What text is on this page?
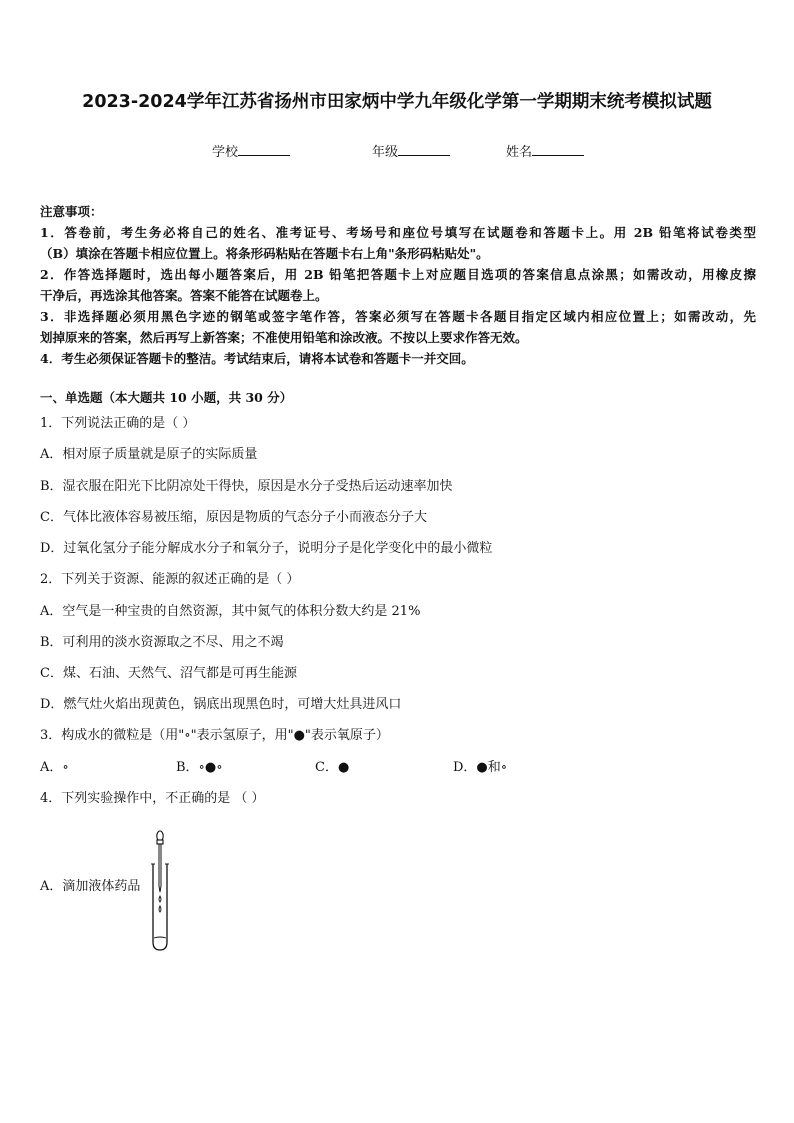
2023-2024学年江苏省扬州市田家炳中学九年级化学第一学期期末统考模拟试题
学校	年级	姓名
注意事项：
1．答卷前，考生务必将自己的姓名、准考证号、考场号和座位号填写在试题卷和答题卡上。用 2B 铅笔将试卷类型
（B）填涂在答题卡相应位置上。将条形码粘贴在答题卡右上角"条形码粘贴处"。
2．作答选择题时，选出每小题答案后，用 2B 铅笔把答题卡上对应题目选项的答案信息点涂黑；如需改动，用橡皮擦
干净后，再选涂其他答案。答案不能答在试题卷上。
3．非选择题必须用黑色字迹的钢笔或签字笔作答，答案必须写在答题卡各题目指定区域内相应位置上；如需改动，先
划掉原来的答案，然后再写上新答案；不准使用铅笔和涂改液。不按以上要求作答无效。
4．考生必须保证答题卡的整洁。考试结束后，请将本试卷和答题卡一并交回。
一、单选题（本大题共 10 小题，共 30 分）
1．下列说法正确的是（ ）
A．相对原子质量就是原子的实际质量
B．湿衣服在阳光下比阴凉处干得快，原因是水分子受热后运动速率加快
C．气体比液体容易被压缩，原因是物质的气态分子小而液态分子大
D．过氧化氢分子能分解成水分子和氧分子，说明分子是化学变化中的最小微粒
2．下列关于资源、能源的叙述正确的是（ ）
A．空气是一种宝贵的自然资源，其中氮气的体积分数大约是 21%
B．可利用的淡水资源取之不尽、用之不竭
C．煤、石油、天然气、沼气都是可再生能源
D．燃气灶火焰出现黄色，锅底出现黑色时，可增大灶具进风口
3．构成水的微粒是（用"∘"表示氢原子，用"●"表示氧原子）
A．∘	B．∘●∘	C．●	D．●和∘
4．下列实验操作中，不正确的是 （ ）
A．滴加液体药品
